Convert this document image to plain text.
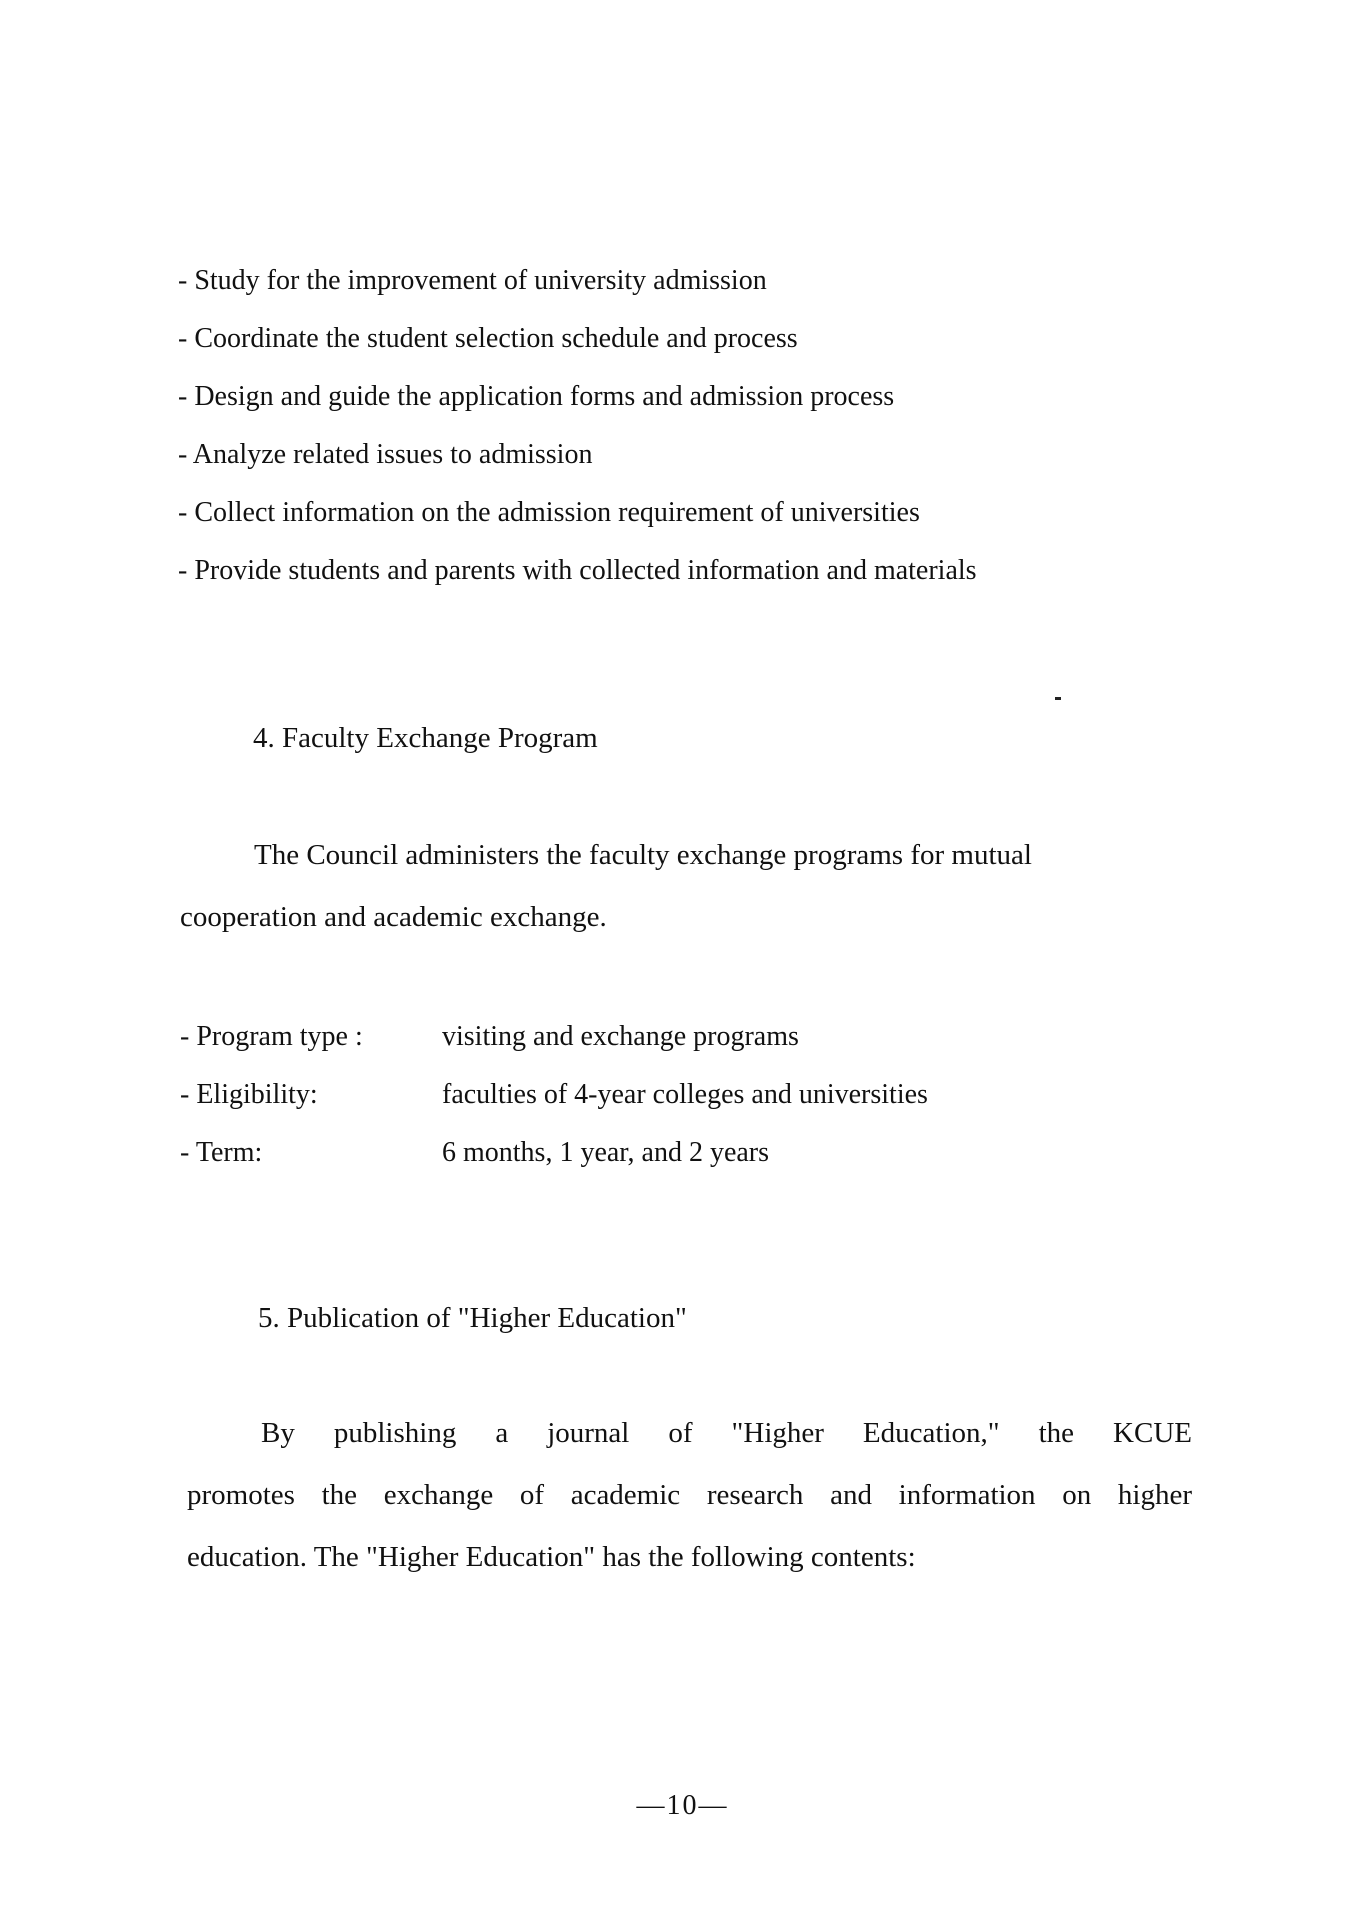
- Study for the improvement of university admission
- Coordinate the student selection schedule and process
- Design and guide the application forms and admission process
- Analyze related issues to admission
- Collect information on the admission requirement of universities
- Provide students and parents with collected information and materials
4. Faculty Exchange Program
The Council administers the faculty exchange programs for mutual
cooperation and academic exchange.
- Program type :	visiting and exchange programs
- Eligibility:	faculties of 4-year colleges and universities
- Term:	6 months, 1 year, and 2 years
5. Publication of "Higher Education"
By publishing a journal of "Higher Education," the KCUE
promotes the exchange of academic research and information on higher
education. The "Higher Education" has the following contents:
—10—
